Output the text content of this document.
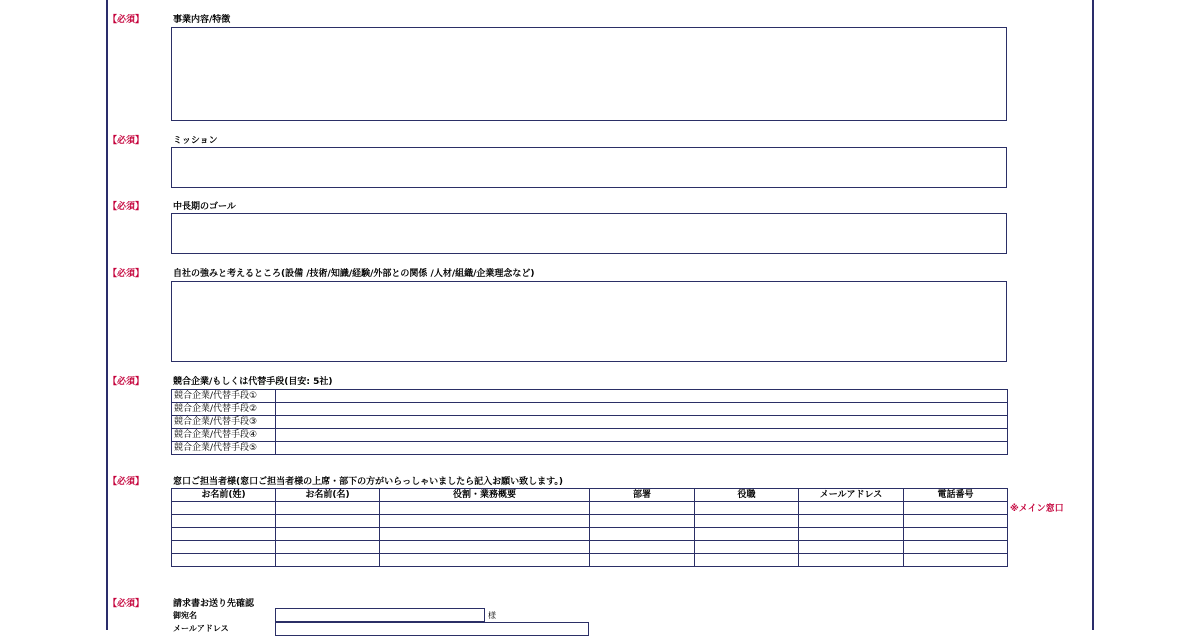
【必須】	事業内容/特徴
【必須】	ミッション
【必須】	中長期のゴール
【必須】	自社の強みと考えるところ(設備 /技術/知識/経験/外部との関係 /人材/組織/企業理念など)
【必須】	競合企業/もしくは代替手段(目安: 5社)
競合企業/代替手段①	
競合企業/代替手段②	
競合企業/代替手段③	
競合企業/代替手段④	
競合企業/代替手段⑤	
【必須】	窓口ご担当者様(窓口ご担当者様の上席・部下の方がいらっしゃいましたら記入お願い致します。)
お名前(姓)	お名前(名)	役割・業務概要	部署	役職	メールアドレス	電話番号

※メイン窓口
【必須】	請求書お送り先確認
御宛名	様
メールアドレス
